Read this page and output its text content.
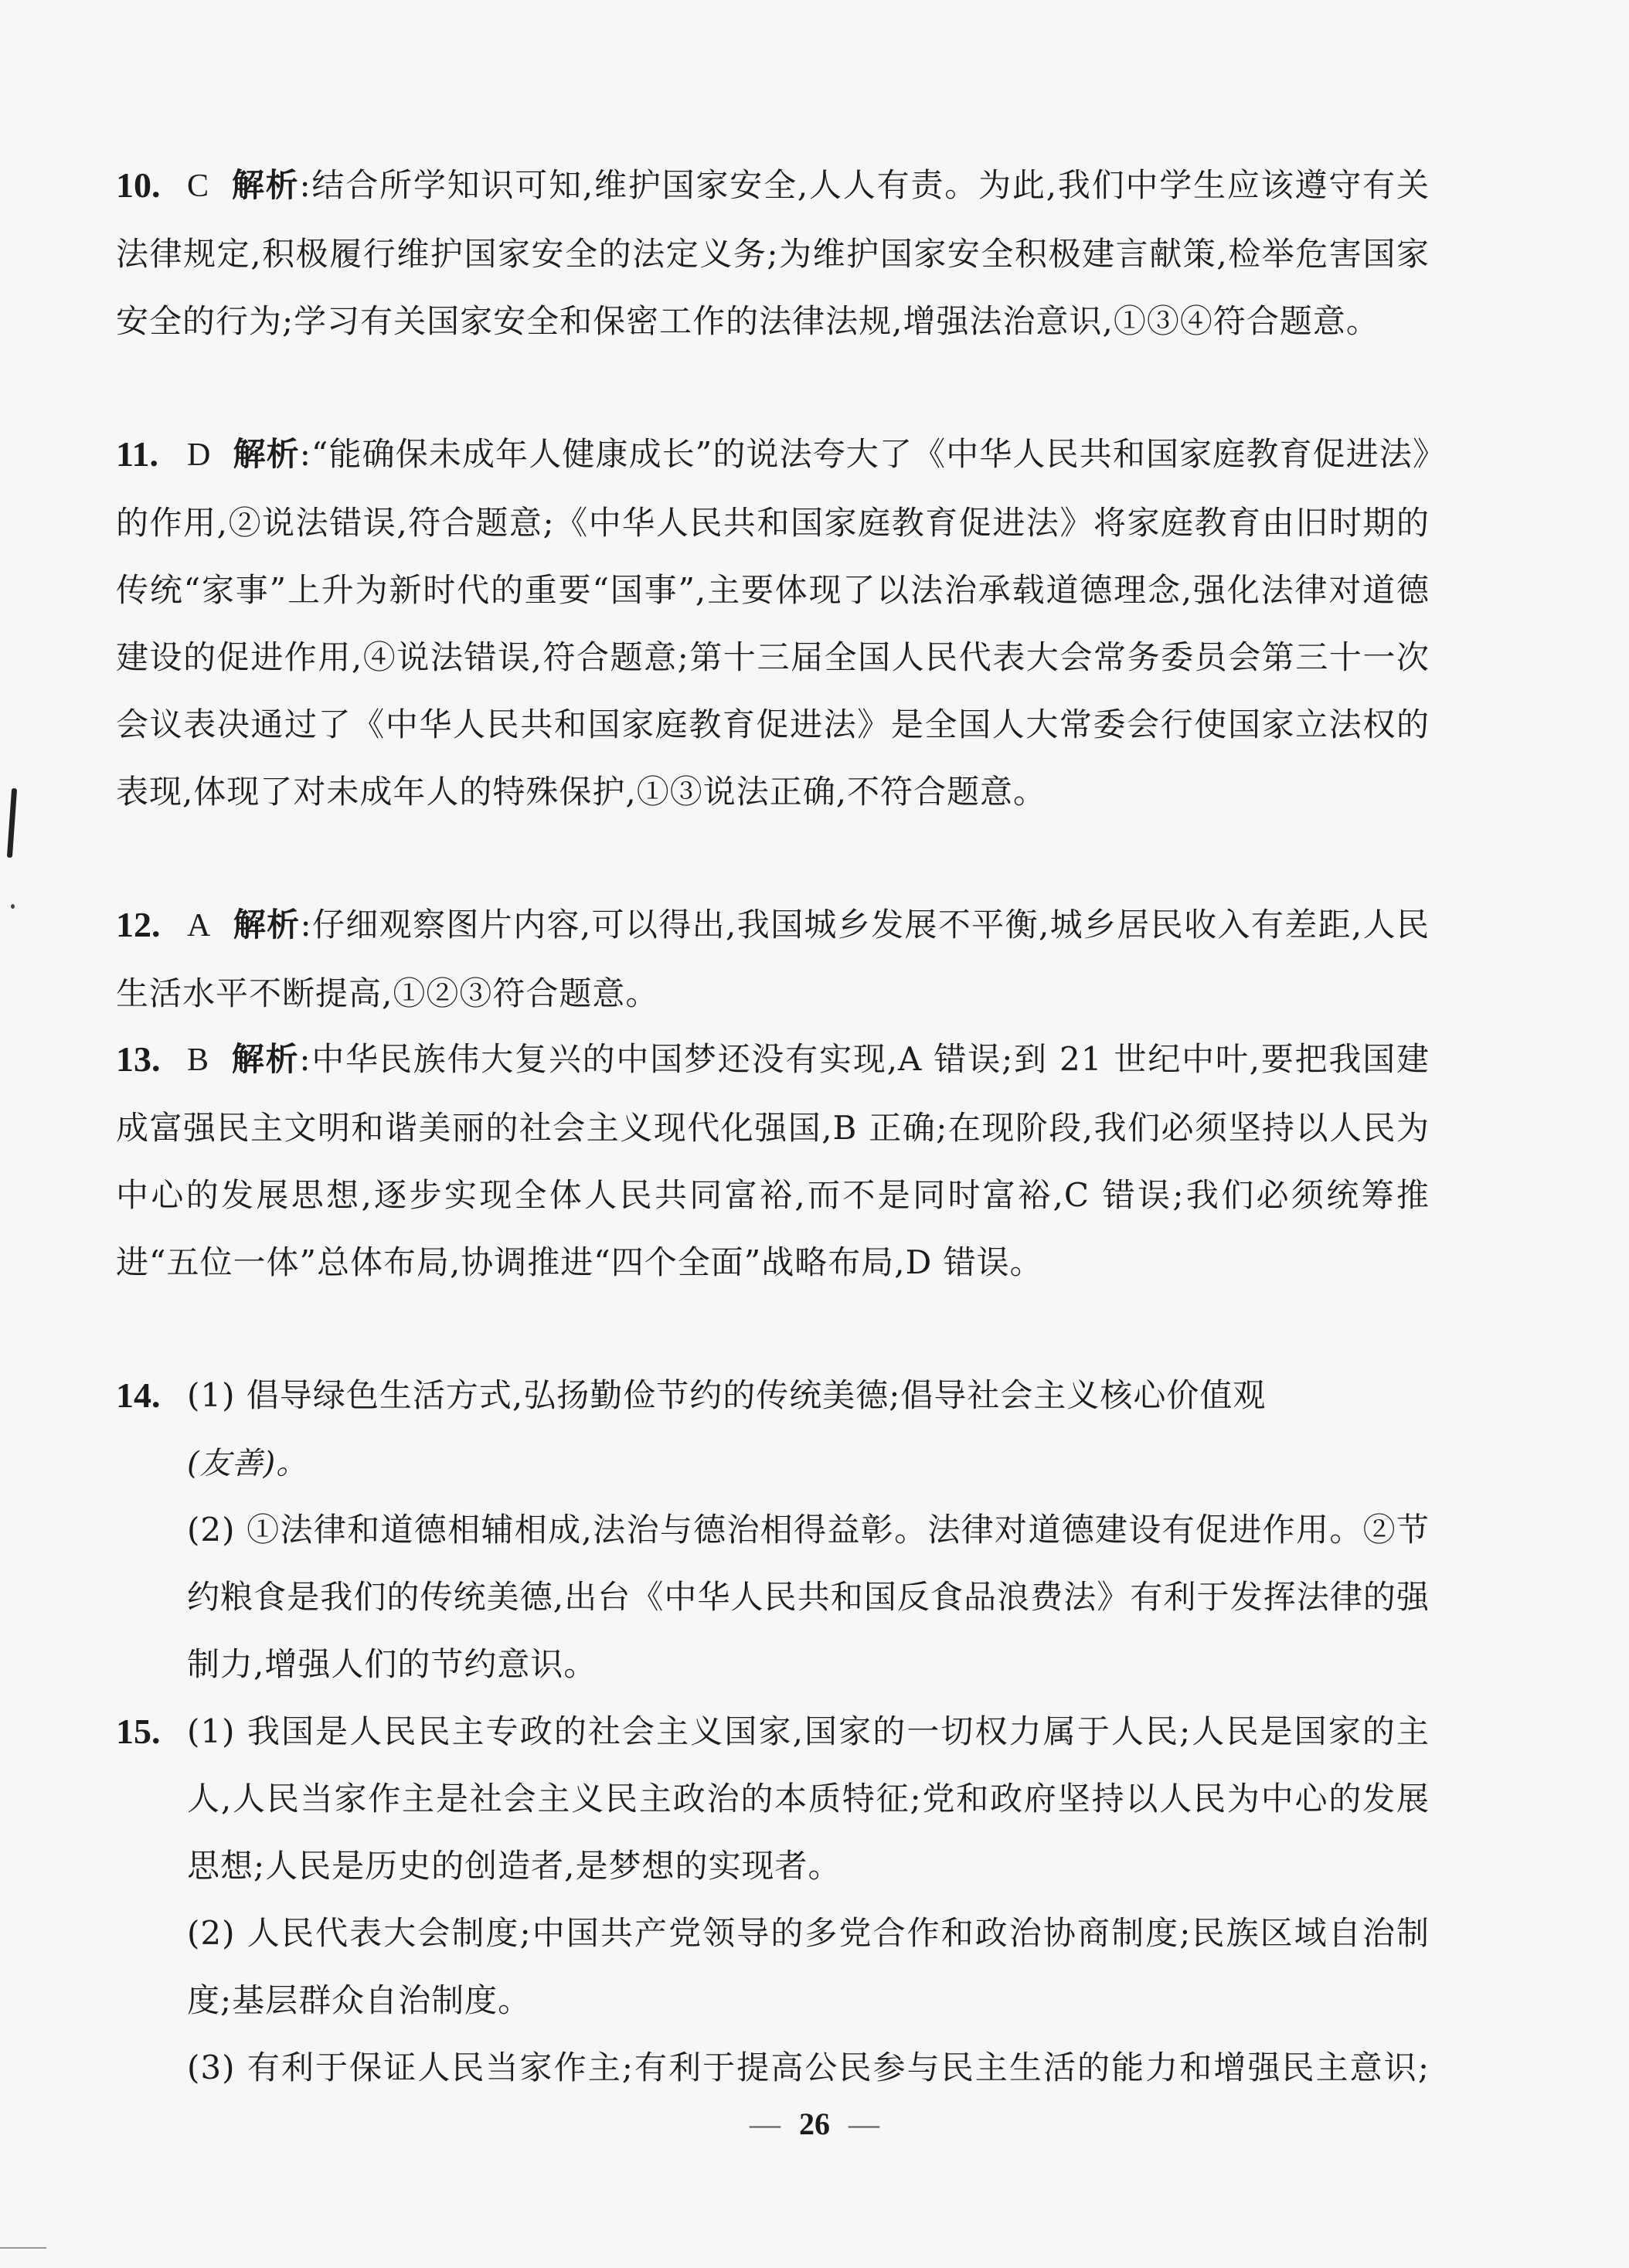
10. C 解析:结合所学知识可知,维护国家安全,人人有责。为此,我们中学生应该遵守有关法律规定,积极履行维护国家安全的法定义务;为维护国家安全积极建言献策,检举危害国家安全的行为;学习有关国家安全和保密工作的法律法规,增强法治意识,①③④符合题意。
11. D 解析:“能确保未成年人健康成长”的说法夸大了《中华人民共和国家庭教育促进法》的作用,②说法错误,符合题意;《中华人民共和国家庭教育促进法》将家庭教育由旧时期的传统“家事”上升为新时代的重要“国事”,主要体现了以法治承载道德理念,强化法律对道德建设的促进作用,④说法错误,符合题意;第十三届全国人民代表大会常务委员会第三十一次会议表决通过了《中华人民共和国家庭教育促进法》是全国人大常委会行使国家立法权的表现,体现了对未成年人的特殊保护,①③说法正确,不符合题意。
12. A 解析:仔细观察图片内容,可以得出,我国城乡发展不平衡,城乡居民收入有差距,人民生活水平不断提高,①②③符合题意。
13. B 解析:中华民族伟大复兴的中国梦还没有实现,A 错误;到 21 世纪中叶,要把我国建成富强民主文明和谐美丽的社会主义现代化强国,B 正确;在现阶段,我们必须坚持以人民为中心的发展思想,逐步实现全体人民共同富裕,而不是同时富裕,C 错误;我们必须统筹推进“五位一体”总体布局,协调推进“四个全面”战略布局,D 错误。
14. (1) 倡导绿色生活方式,弘扬勤俭节约的传统美德;倡导社会主义核心价值观
(友善)。
(2) ①法律和道德相辅相成,法治与德治相得益彰。法律对道德建设有促进作用。②节约粮食是我们的传统美德,出台《中华人民共和国反食品浪费法》有利于发挥法律的强制力,增强人们的节约意识。
15. (1) 我国是人民民主专政的社会主义国家,国家的一切权力属于人民;人民是国家的主人,人民当家作主是社会主义民主政治的本质特征;党和政府坚持以人民为中心的发展思想;人民是历史的创造者,是梦想的实现者。
(2) 人民代表大会制度;中国共产党领导的多党合作和政治协商制度;民族区域自治制度;基层群众自治制度。
(3) 有利于保证人民当家作主;有利于提高公民参与民主生活的能力和增强民主意识;
— 26 —
